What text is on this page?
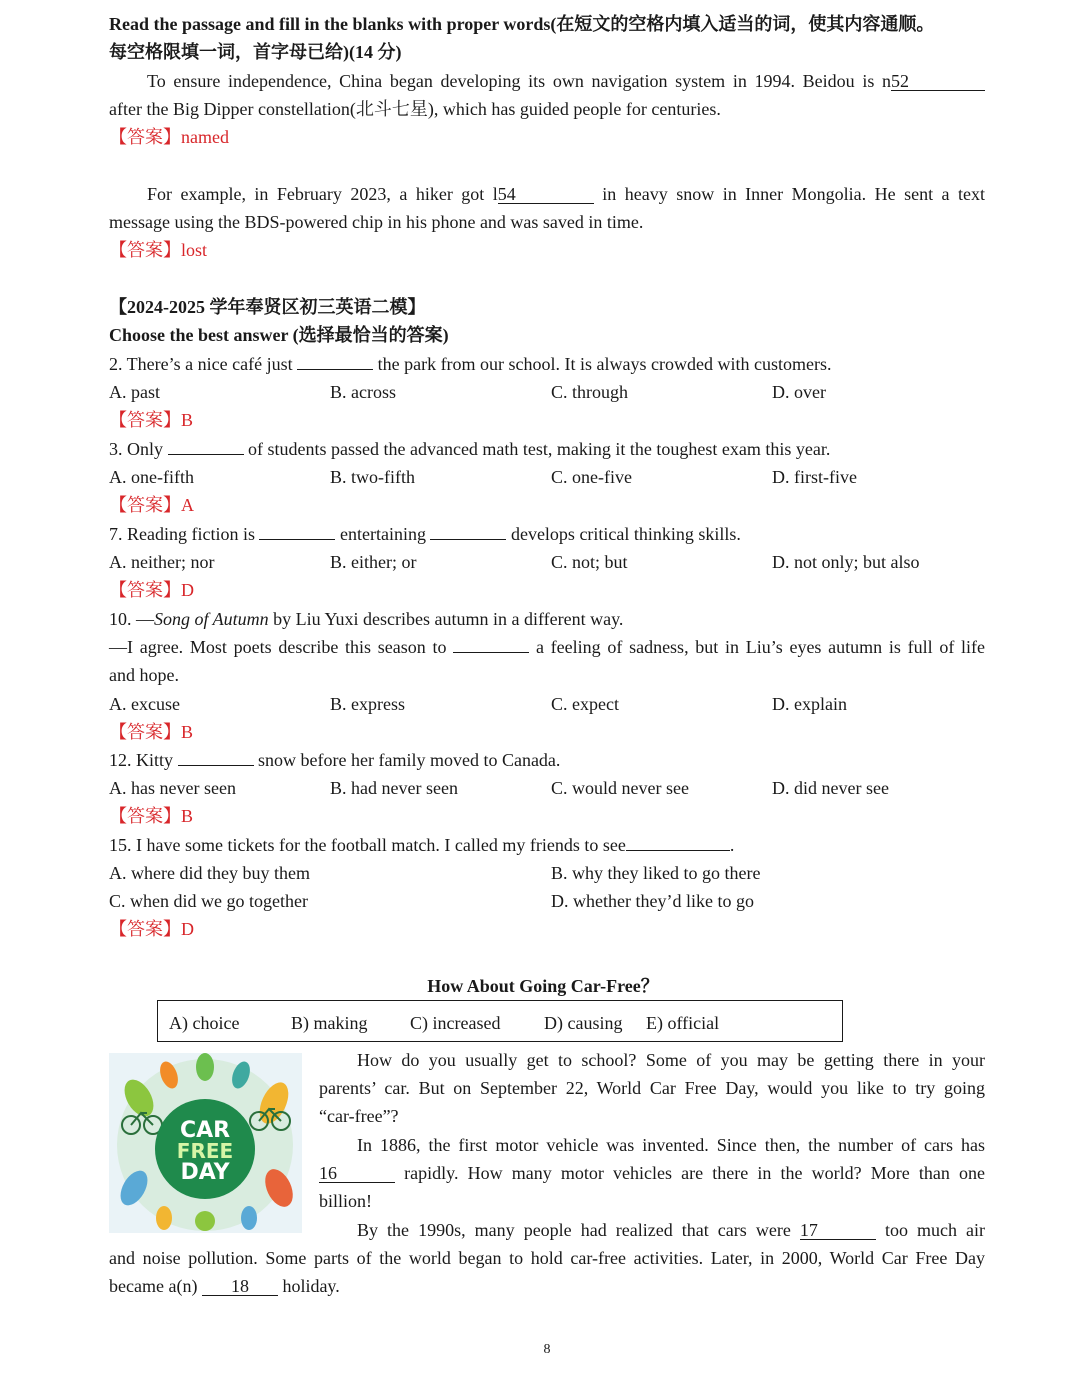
Read the passage and fill in the blanks with proper words(在短文的空格内填入适当的词，使其内容通顺。
每空格限填一词，首字母已给)(14 分)
To ensure independence, China began developing its own navigation system in 1994. Beidou is n52
after the Big Dipper constellation(北斗七星), which has guided people for centuries.
【答案】named
For example, in February 2023, a hiker got l54	in heavy snow in Inner Mongolia. He sent a text
message using the BDS-powered chip in his phone and was saved in time.
【答案】lost
【2024-2025 学年奉贤区初三英语二模】
Choose the best answer (选择最恰当的答案)
2. There’s a nice café just	the park from our school. It is always crowded with customers.
A. past	B. across	C. through	D. over
【答案】B
3. Only	of students passed the advanced math test, making it the toughest exam this year.
A. one-fifth	B. two-fifth	C. one-five	D. first-five
【答案】A
7. Reading fiction is	entertaining	develops critical thinking skills.
A. neither; nor	B. either; or	C. not; but	D. not only; but also
【答案】D
10. —Song of Autumn by Liu Yuxi describes autumn in a different way.
—I agree. Most poets describe this season to	a feeling of sadness, but in Liu’s eyes autumn is full of life
and hope.
A. excuse	B. express	C. expect	D. explain
【答案】B
12. Kitty	snow before her family moved to Canada.
A. has never seen	B. had never seen	C. would never see	D. did never see
【答案】B
15. I have some tickets for the football match. I called my friends to see	.
A. where did they buy them	B. why they liked to go there
C. when did we go together	D. whether they’d like to go
【答案】D
How About Going Car-Free？
A) choice	B) making C) increased D) causing E) official
CAR
FREE
DAY
How do you usually get to school? Some of you may be getting there in your
parents’ car. But on September 22, World Car Free Day, would you like to try going
“car-free”?
In 1886, the first motor vehicle was invented. Since then, the number of cars has
16	rapidly. How many motor vehicles are there in the world? More than one
billion!
By the 1990s, many people had realized that cars were 17	too much air
and noise pollution. Some parts of the world began to hold car-free activities. Later, in 2000, World Car Free Day
became a(n) 18 holiday.
8
